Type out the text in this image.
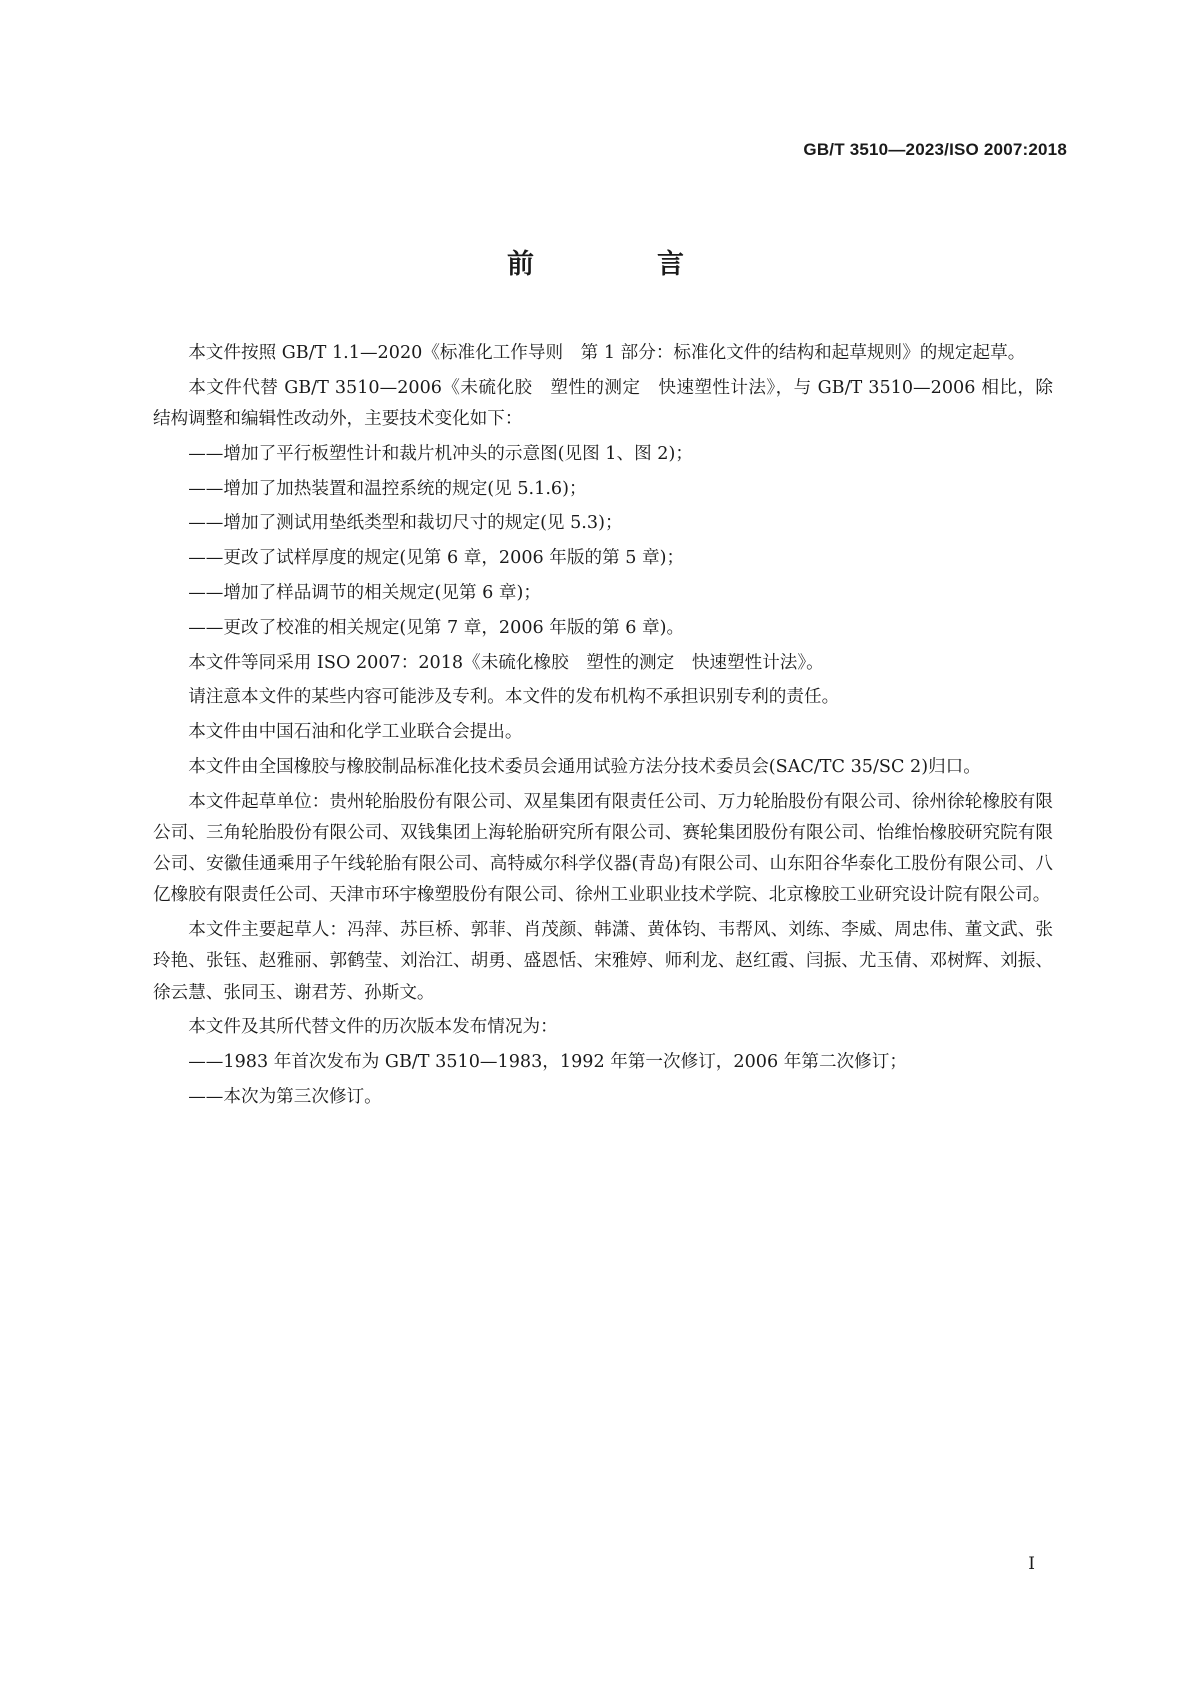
GB/T 3510—2023/ISO 2007:2018
前　言

本文件按照 GB/T 1.1—2020《标准化工作导则　第 1 部分：标准化文件的结构和起草规则》的规定起草。

本文件代替 GB/T 3510—2006《未硫化胶　塑性的测定　快速塑性计法》，与 GB/T 3510—2006 相比，除结构调整和编辑性改动外，主要技术变化如下：

——增加了平行板塑性计和裁片机冲头的示意图(见图 1、图 2)；

——增加了加热装置和温控系统的规定(见 5.1.6)；

——增加了测试用垫纸类型和裁切尺寸的规定(见 5.3)；

——更改了试样厚度的规定(见第 6 章，2006 年版的第 5 章)；

——增加了样品调节的相关规定(见第 6 章)；

——更改了校准的相关规定(见第 7 章，2006 年版的第 6 章)。

本文件等同采用 ISO 2007：2018《未硫化橡胶　塑性的测定　快速塑性计法》。

请注意本文件的某些内容可能涉及专利。本文件的发布机构不承担识别专利的责任。

本文件由中国石油和化学工业联合会提出。

本文件由全国橡胶与橡胶制品标准化技术委员会通用试验方法分技术委员会(SAC/TC 35/SC 2)归口。

本文件起草单位：贵州轮胎股份有限公司、双星集团有限责任公司、万力轮胎股份有限公司、徐州徐轮橡胶有限公司、三角轮胎股份有限公司、双钱集团上海轮胎研究所有限公司、赛轮集团股份有限公司、怡维怡橡胶研究院有限公司、安徽佳通乘用子午线轮胎有限公司、高特威尔科学仪器(青岛)有限公司、山东阳谷华泰化工股份有限公司、八亿橡胶有限责任公司、天津市环宇橡塑股份有限公司、徐州工业职业技术学院、北京橡胶工业研究设计院有限公司。

本文件主要起草人：冯萍、苏巨桥、郭菲、肖茂颜、韩潇、黄体钧、韦帮风、刘练、李威、周忠伟、董文武、张玲艳、张钰、赵雅丽、郭鹤莹、刘治江、胡勇、盛恩恬、宋雅婷、师利龙、赵红霞、闫振、尤玉倩、邓树辉、刘振、徐云慧、张同玉、谢君芳、孙斯文。

本文件及其所代替文件的历次版本发布情况为：

——1983 年首次发布为 GB/T 3510—1983，1992 年第一次修订，2006 年第二次修订；

——本次为第三次修订。

I
